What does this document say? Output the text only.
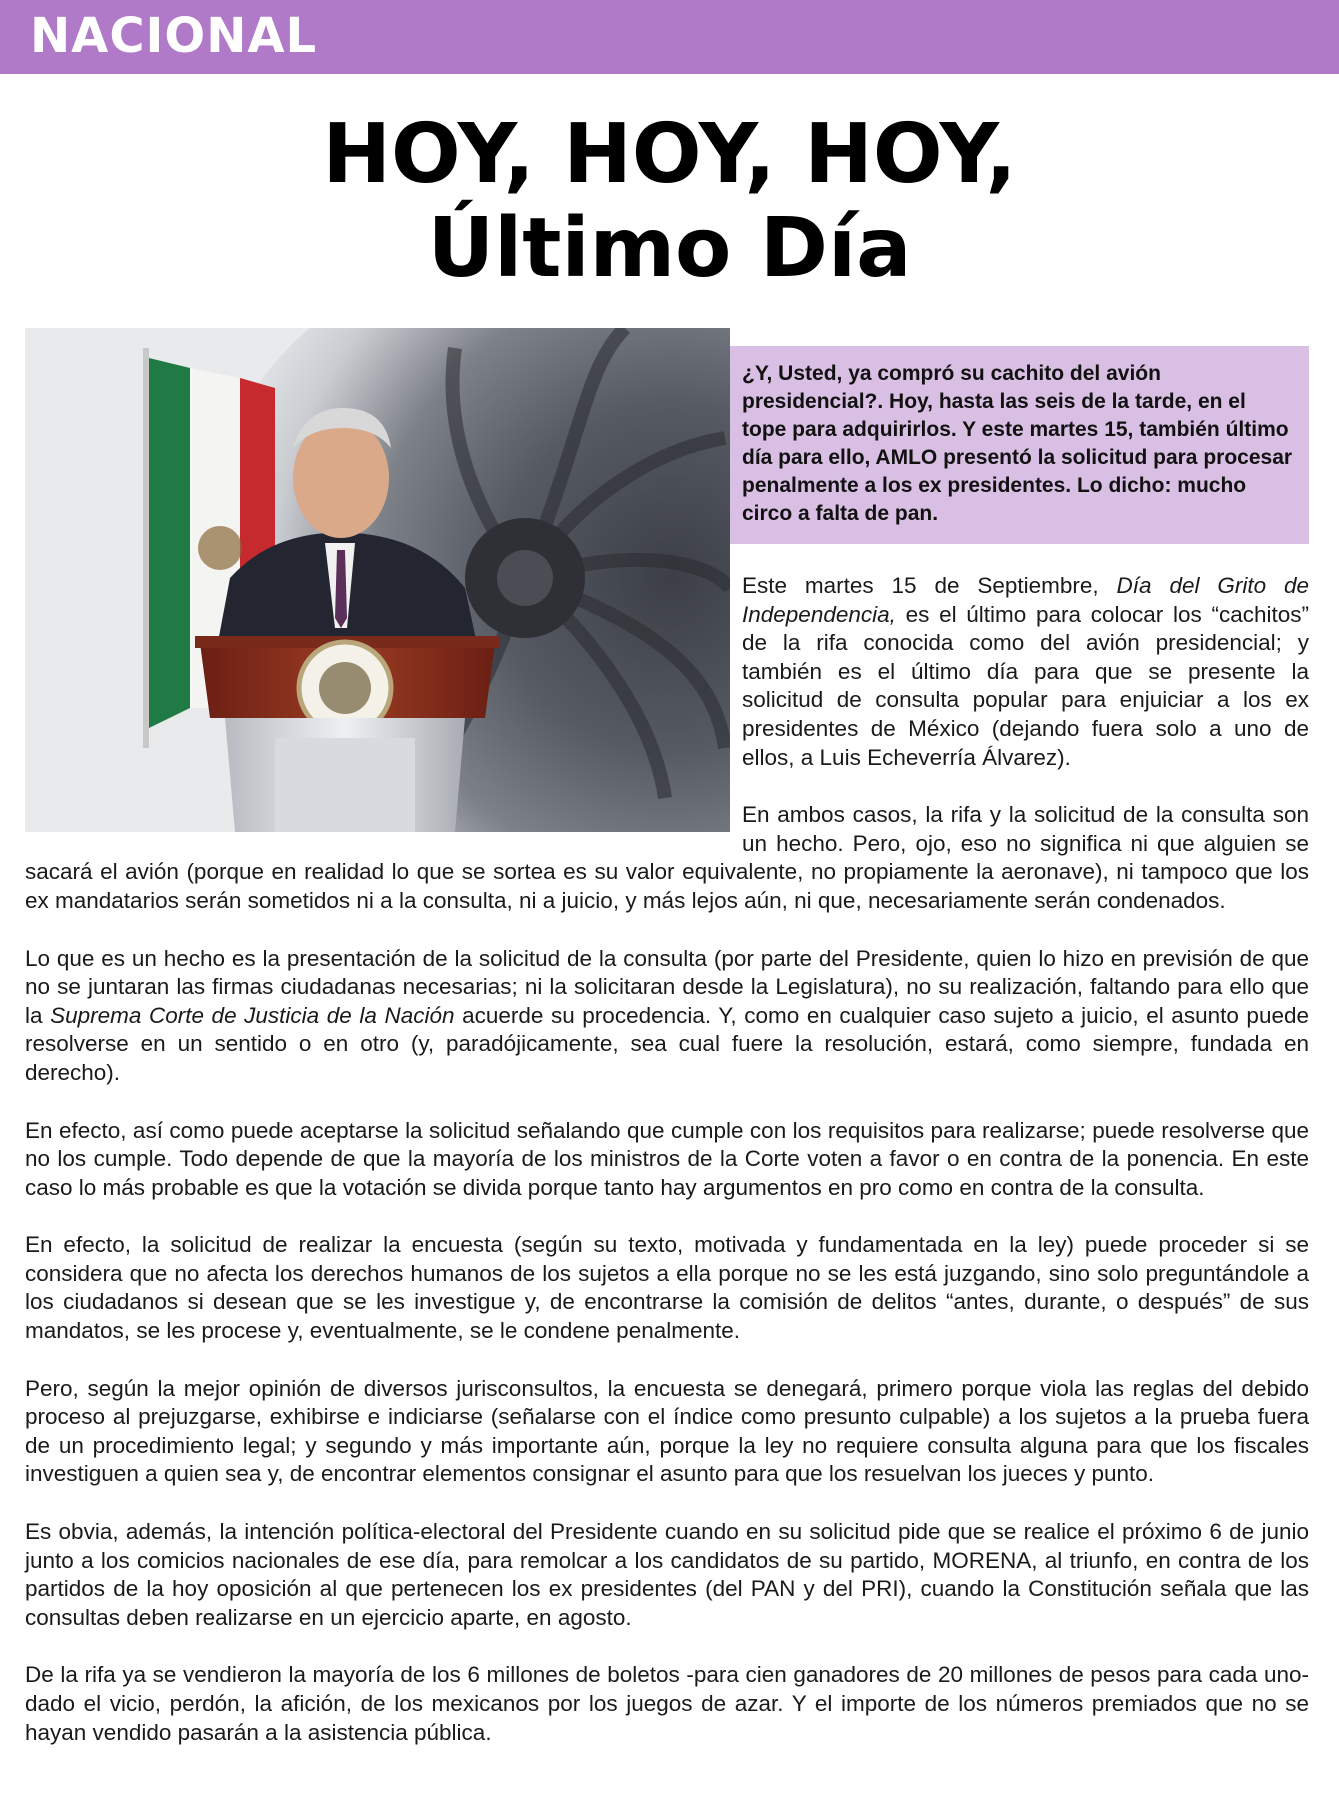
NACIONAL
HOY, HOY, HOY,
Último Día
¿Y, Usted, ya compró su cachito del avión presidencial?. Hoy, hasta las seis de la tarde, en el tope para adquirirlos. Y este martes 15, también último día para ello, AMLO presentó la solicitud para procesar penalmente a los ex presidentes. Lo dicho: mucho circo a falta de pan.

Este martes 15 de Septiembre, Día del Grito de Independencia, es el último para colocar los “cachitos” de la rifa conocida como del avión presidencial; y también es el último día para que se presente la solicitud de consulta popular para enjuiciar a los ex presidentes de México (dejando fuera solo a uno de ellos, a Luis Echeverría Álvarez).

En ambos casos, la rifa y la solicitud de la consulta son un hecho. Pero, ojo, eso no significa ni que alguien se sacará el avión (porque en realidad lo que se sortea es su valor equivalente, no propiamente la aeronave), ni tampoco que los ex mandatarios serán sometidos ni a la consulta, ni a juicio, y más lejos aún, ni que, necesariamente serán condenados.

Lo que es un hecho es la presentación de la solicitud de la consulta (por parte del Presidente, quien lo hizo en previsión de que no se juntaran las firmas ciudadanas necesarias; ni la solicitaran desde la Legislatura), no su realización, faltando para ello que la Suprema Corte de Justicia de la Nación acuerde su procedencia. Y, como en cualquier caso sujeto a juicio, el asunto puede resolverse en un sentido o en otro (y, paradójicamente, sea cual fuere la resolución, estará, como siempre, fundada en derecho).

En efecto, así como puede aceptarse la solicitud señalando que cumple con los requisitos para realizarse; puede resolverse que no los cumple. Todo depende de que la mayoría de los ministros de la Corte voten a favor o en contra de la ponencia. En este caso lo más probable es que la votación se divida porque tanto hay argumentos en pro como en contra de la consulta.

En efecto, la solicitud de realizar la encuesta (según su texto, motivada y fundamentada en la ley) puede proceder si se considera que no afecta los derechos humanos de los sujetos a ella porque no se les está juzgando, sino solo preguntándole a los ciudadanos si desean que se les investigue y, de encontrarse la comisión de delitos “antes, durante, o después” de sus mandatos, se les procese y, eventualmente, se le condene penalmente.

Pero, según la mejor opinión de diversos jurisconsultos, la encuesta se denegará, primero porque viola las reglas del debido proceso al prejuzgarse, exhibirse e indiciarse (señalarse con el índice como presunto culpable) a los sujetos a la prueba fuera de un procedimiento legal; y segundo y más importante aún, porque la ley no requiere consulta alguna para que los fiscales investiguen a quien sea y, de encontrar elementos consignar el asunto para que los resuelvan los jueces y punto.

Es obvia, además, la intención política-electoral del Presidente cuando en su solicitud pide que se realice el próximo 6 de junio junto a los comicios nacionales de ese día, para remolcar a los candidatos de su partido, MORENA, al triunfo, en contra de los partidos de la hoy oposición al que pertenecen los ex presidentes (del PAN y del PRI), cuando la Constitución señala que las consultas deben realizarse en un ejercicio aparte, en agosto.

De la rifa ya se vendieron la mayoría de los 6 millones de boletos -para cien ganadores de 20 millones de pesos para cada uno- dado el vicio, perdón, la afición, de los mexicanos por los juegos de azar. Y el importe de los números premiados que no se hayan vendido pasarán a la asistencia pública.
